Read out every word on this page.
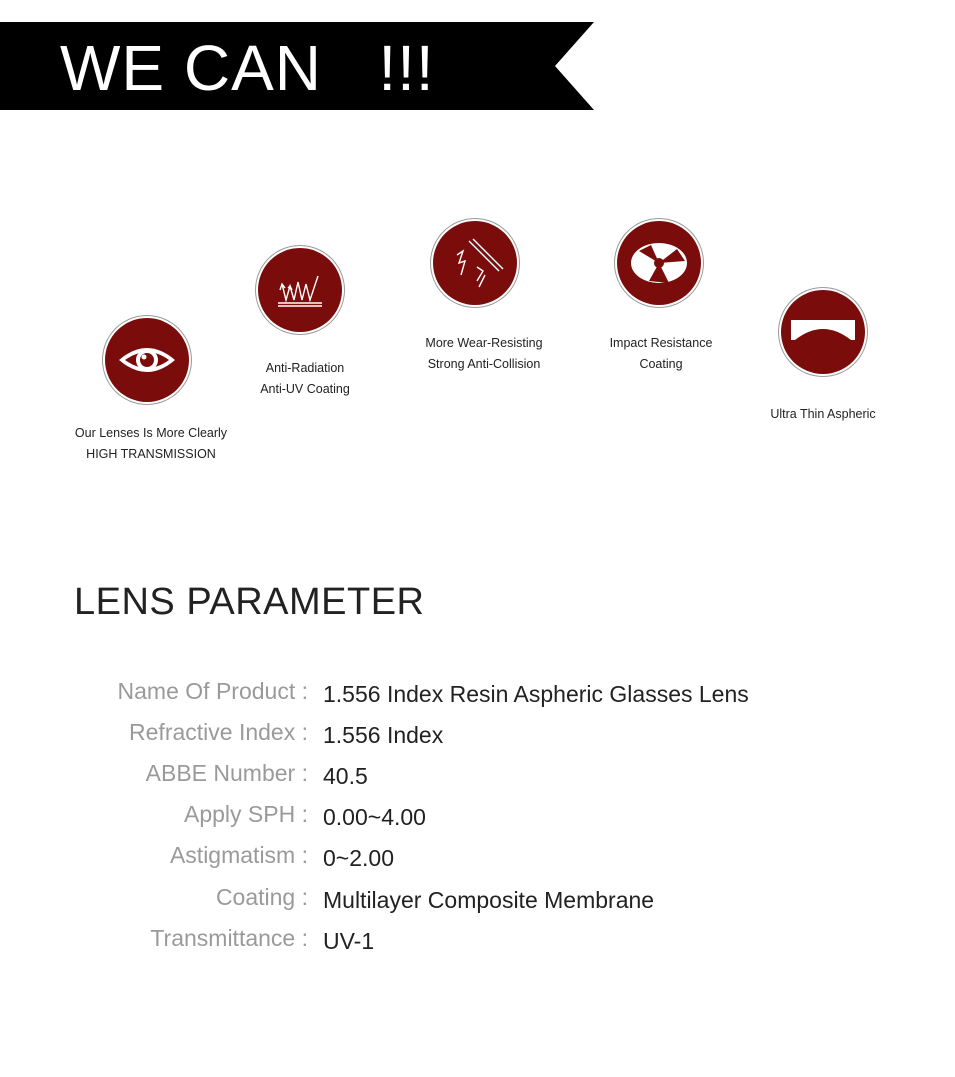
WE CAN   !!!
Our Lenses Is More Clearly
HIGH TRANSMISSION
Anti-Radiation
Anti-UV Coating
More Wear-Resisting
Strong Anti-Collision
Impact Resistance
Coating
Ultra Thin Aspheric
LENS PARAMETER
Name Of Product : 1.556 Index Resin Aspheric Glasses Lens
Refractive Index : 1.556 Index
ABBE Number : 40.5
Apply SPH : 0.00~4.00
Astigmatism : 0~2.00
Coating : Multilayer Composite Membrane
Transmittance : UV-1
